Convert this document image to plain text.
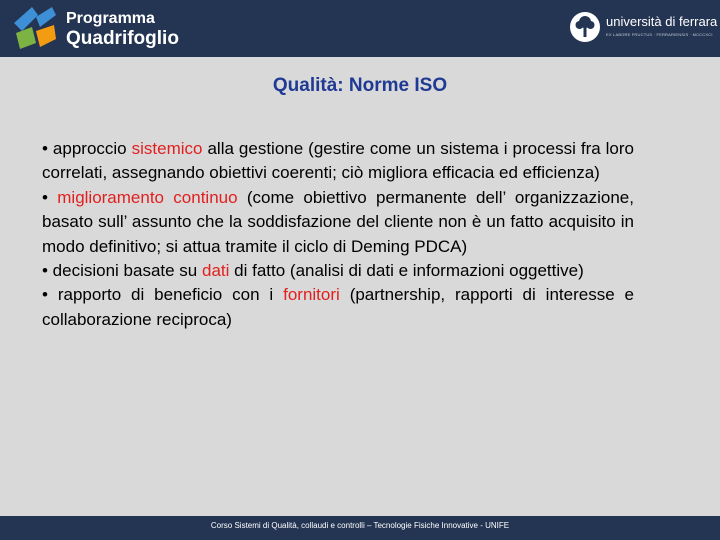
Programma
Quadrifoglio
università di ferrara
EX LABORE FRUCTUS · FERRARIENSIS · MCCCXCI
Qualità: Norme ISO

• approccio sistemico alla gestione (gestire come un sistema i processi fra loro correlati, assegnando obiettivi coerenti; ciò migliora efficacia ed efficienza)

• miglioramento continuo (come obiettivo permanente dell’ organizzazione, basato sull’ assunto che la soddisfazione del cliente non è un fatto acquisito in modo definitivo; si attua tramite il ciclo di Deming PDCA)

• decisioni basate su dati di fatto (analisi di dati e informazioni oggettive)

• rapporto di beneficio con i fornitori (partnership, rapporti di interesse e collaborazione reciproca)

Corso Sistemi di Qualità, collaudi e controlli – Tecnologie Fisiche Innovative - UNIFE
